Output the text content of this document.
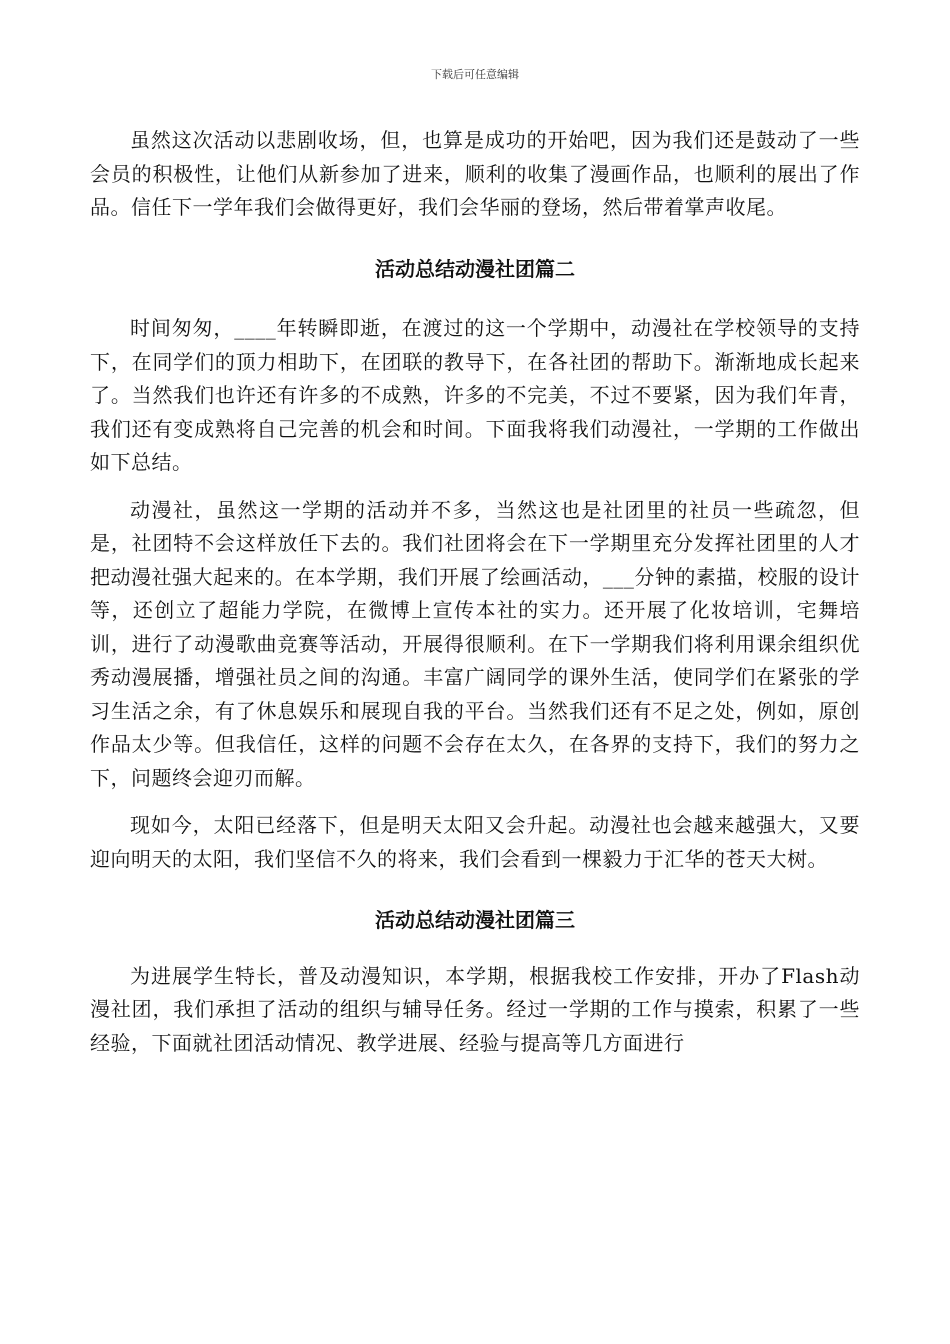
下载后可任意编辑

虽然这次活动以悲剧收场，但，也算是成功的开始吧，因为我们还是鼓动了一些会员的积极性，让他们从新参加了进来，顺利的收集了漫画作品，也顺利的展出了作品。信任下一学年我们会做得更好，我们会华丽的登场，然后带着掌声收尾。

活动总结动漫社团篇二

时间匆匆，____年转瞬即逝，在渡过的这一个学期中，动漫社在学校领导的支持下，在同学们的顶力相助下，在团联的教导下，在各社团的帮助下。渐渐地成长起来了。当然我们也许还有许多的不成熟，许多的不完美，不过不要紧，因为我们年青，我们还有变成熟将自己完善的机会和时间。下面我将我们动漫社，一学期的工作做出如下总结。

动漫社，虽然这一学期的活动并不多，当然这也是社团里的社员一些疏忽，但是，社团特不会这样放任下去的。我们社团将会在下一学期里充分发挥社团里的人才把动漫社强大起来的。在本学期，我们开展了绘画活动，___分钟的素描，校服的设计等，还创立了超能力学院，在微博上宣传本社的实力。还开展了化妆培训，宅舞培训，进行了动漫歌曲竞赛等活动，开展得很顺利。在下一学期我们将利用课余组织优秀动漫展播，增强社员之间的沟通。丰富广阔同学的课外生活，使同学们在紧张的学习生活之余，有了休息娱乐和展现自我的平台。当然我们还有不足之处，例如，原创作品太少等。但我信任，这样的问题不会存在太久，在各界的支持下，我们的努力之下，问题终会迎刃而解。

现如今，太阳已经落下，但是明天太阳又会升起。动漫社也会越来越强大，又要迎向明天的太阳，我们坚信不久的将来，我们会看到一棵毅力于汇华的苍天大树。

活动总结动漫社团篇三

为进展学生特长，普及动漫知识，本学期，根据我校工作安排，开办了Flash动漫社团，我们承担了活动的组织与辅导任务。经过一学期的工作与摸索，积累了一些经验，下面就社团活动情况、教学进展、经验与提高等几方面进行
